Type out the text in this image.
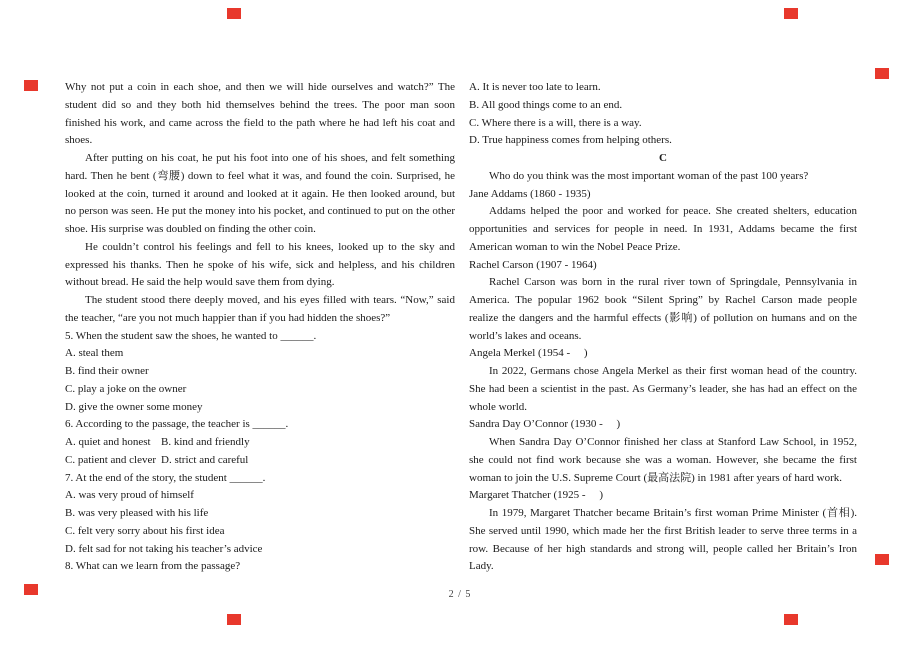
Why not put a coin in each shoe, and then we will hide ourselves and watch?” The student did so and they both hid themselves behind the trees. The poor man soon finished his work, and came across the field to the path where he had left his coat and shoes.

After putting on his coat, he put his foot into one of his shoes, and felt something hard. Then he bent (弯腰) down to feel what it was, and found the coin. Surprised, he looked at the coin, turned it around and looked at it again. He then looked around, but no person was seen. He put the money into his pocket, and continued to put on the other shoe. His surprise was doubled on finding the other coin.

He couldn’t control his feelings and fell to his knees, looked up to the sky and expressed his thanks. Then he spoke of his wife, sick and helpless, and his children without bread. He said the help would save them from dying.

The student stood there deeply moved, and his eyes filled with tears. “Now,” said the teacher, “are you not much happier than if you had hidden the shoes?”

5. When the student saw the shoes, he wanted to ______.

A. steal them

B. find their owner

C. play a joke on the owner

D. give the owner some money

6. According to the passage, the teacher is ______.

A. quiet and honest B. kind and friendly

C. patient and clever D. strict and careful

7. At the end of the story, the student ______.

A. was very proud of himself

B. was very pleased with his life

C. felt very sorry about his first idea

D. felt sad for not taking his teacher’s advice

8. What can we learn from the passage?

A. It is never too late to learn.

B. All good things come to an end.

C. Where there is a will, there is a way.

D. True happiness comes from helping others.

C

Who do you think was the most important woman of the past 100 years?

Jane Addams (1860 - 1935)

Addams helped the poor and worked for peace. She created shelters, education opportunities and services for people in need. In 1931, Addams became the first American woman to win the Nobel Peace Prize.

Rachel Carson (1907 - 1964)

Rachel Carson was born in the rural river town of Springdale, Pennsylvania in America. The popular 1962 book “Silent Spring” by Rachel Carson made people realize the dangers and the harmful effects (影响) of pollution on humans and on the world’s lakes and oceans.

Angela Merkel (1954 -     )

In 2022, Germans chose Angela Merkel as their first woman head of the country. She had been a scientist in the past. As Germany’s leader, she has had an effect on the whole world.

Sandra Day O’Connor (1930 -     )

When Sandra Day O’Connor finished her class at Stanford Law School, in 1952, she could not find work because she was a woman. However, she became the first woman to join the U.S. Supreme Court (最高法院) in 1981 after years of hard work.

Margaret Thatcher (1925 -     )

In 1979, Margaret Thatcher became Britain’s first woman Prime Minister (首相). She served until 1990, which made her the first British leader to serve three terms in a row. Because of her high standards and strong will, people called her Britain’s Iron Lady.

2 / 5
